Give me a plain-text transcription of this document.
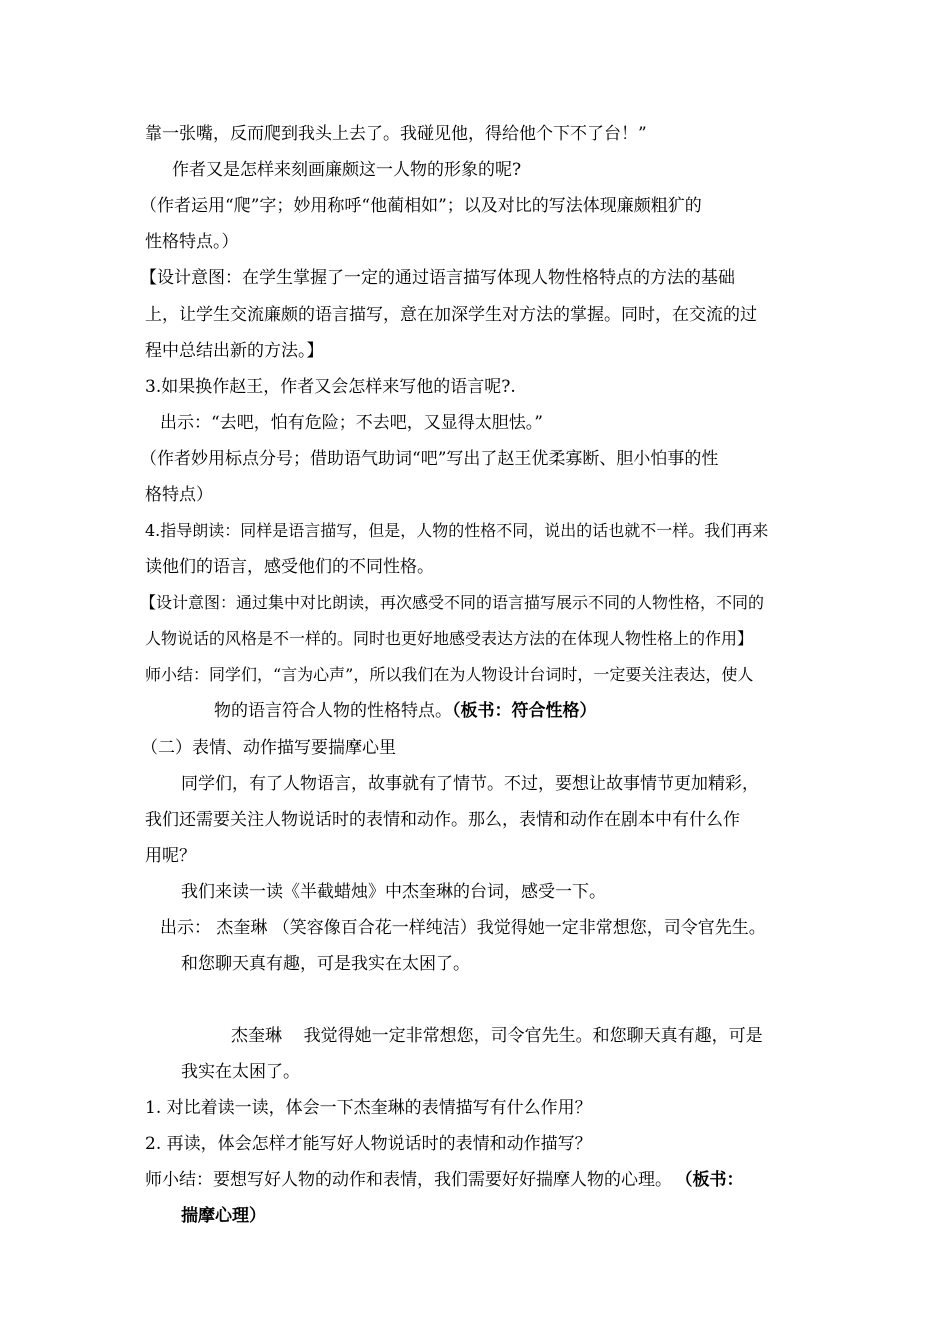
靠一张嘴，反而爬到我头上去了。我碰见他，得给他个下不了台！”
作者又是怎样来刻画廉颇这一人物的形象的呢?
（作者运用“爬”字；妙用称呼“他蔺相如”；以及对比的写法体现廉颇粗犷的
性格特点。）
【设计意图：在学生掌握了一定的通过语言描写体现人物性格特点的方法的基础
上，让学生交流廉颇的语言描写，意在加深学生对方法的掌握。同时，在交流的过
程中总结出新的方法。】
3.如果换作赵王，作者又会怎样来写他的语言呢?.
出示：“去吧，怕有危险；不去吧，又显得太胆怯。”
（作者妙用标点分号；借助语气助词“吧”写出了赵王优柔寡断、胆小怕事的性
格特点）
4.指导朗读：同样是语言描写，但是，人物的性格不同，说出的话也就不一样。我们再来
读他们的语言，感受他们的不同性格。
【设计意图：通过集中对比朗读，再次感受不同的语言描写展示不同的人物性格，不同的
人物说话的风格是不一样的。同时也更好地感受表达方法的在体现人物性格上的作用】
师小结：同学们，“言为心声”，所以我们在为人物设计台词时，一定要关注表达，使人
物的语言符合人物的性格特点。（板书：符合性格）
（二）表情、动作描写要揣摩心里
同学们，有了人物语言，故事就有了情节。不过，要想让故事情节更加精彩，
我们还需要关注人物说话时的表情和动作。那么，表情和动作在剧本中有什么作
用呢？
我们来读一读《半截蜡烛》中杰奎琳的台词，感受一下。
出示： 杰奎琳 （笑容像百合花一样纯洁）我觉得她一定非常想您，司令官先生。
和您聊天真有趣，可是我实在太困了。
杰奎琳    我觉得她一定非常想您，司令官先生。和您聊天真有趣，可是
我实在太困了。
1. 对比着读一读，体会一下杰奎琳的表情描写有什么作用？
2. 再读，体会怎样才能写好人物说话时的表情和动作描写？
师小结：要想写好人物的动作和表情，我们需要好好揣摩人物的心理。 （板书：
揣摩心理）
